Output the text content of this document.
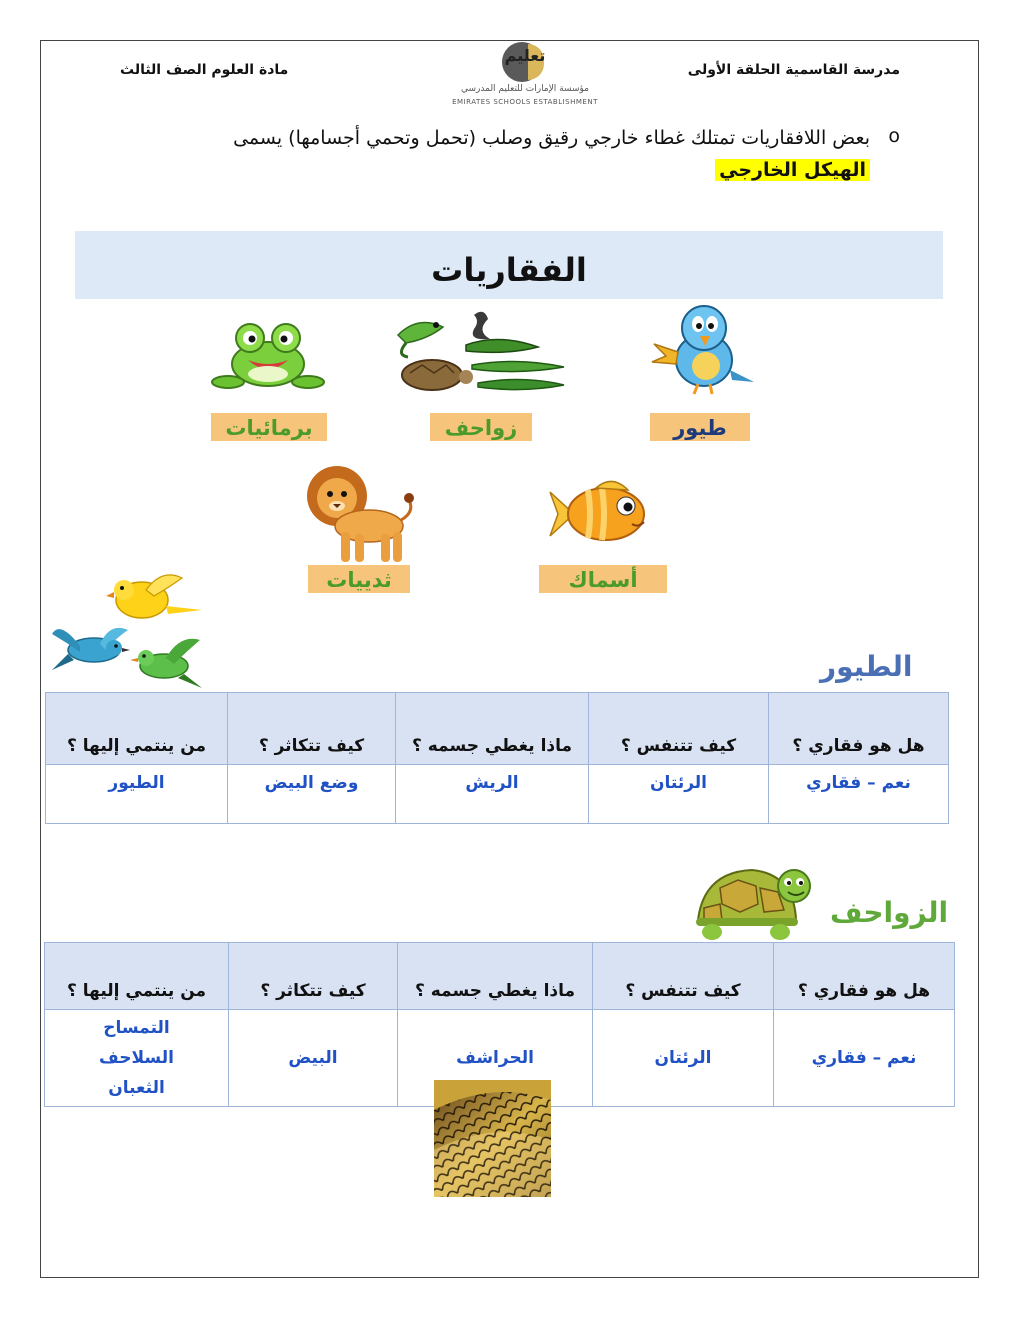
مدرسة القاسمية الحلقة الأولى
مادة العلوم الصف الثالث
تعليم
مؤسسة الإمارات للتعليم المدرسي
EMIRATES SCHOOLS ESTABLISHMENT
o
بعض اللافقاريات تمتلك غطاء خارجي رقيق وصلب (تحمل وتحمي أجسامها) يسمى
الهيكل الخارجي
الفقاريات
برمائيات	زواحف	طيور
ثدييات	أسماك
الطيور
هل هو فقاري ؟	كيف تتنفس ؟	ماذا يغطي جسمه ؟	كيف تتكاثر ؟	من ينتمي إليها ؟
نعم – فقاري	الرئتان	الريش	وضع البيض	الطيور
الزواحف
هل هو فقاري ؟	كيف تتنفس ؟	ماذا يغطي جسمه ؟	كيف تتكاثر ؟	من ينتمي إليها ؟
نعم – فقاري	الرئتان	الحراشف	البيض	التمساح
السلاحف
الثعبان
